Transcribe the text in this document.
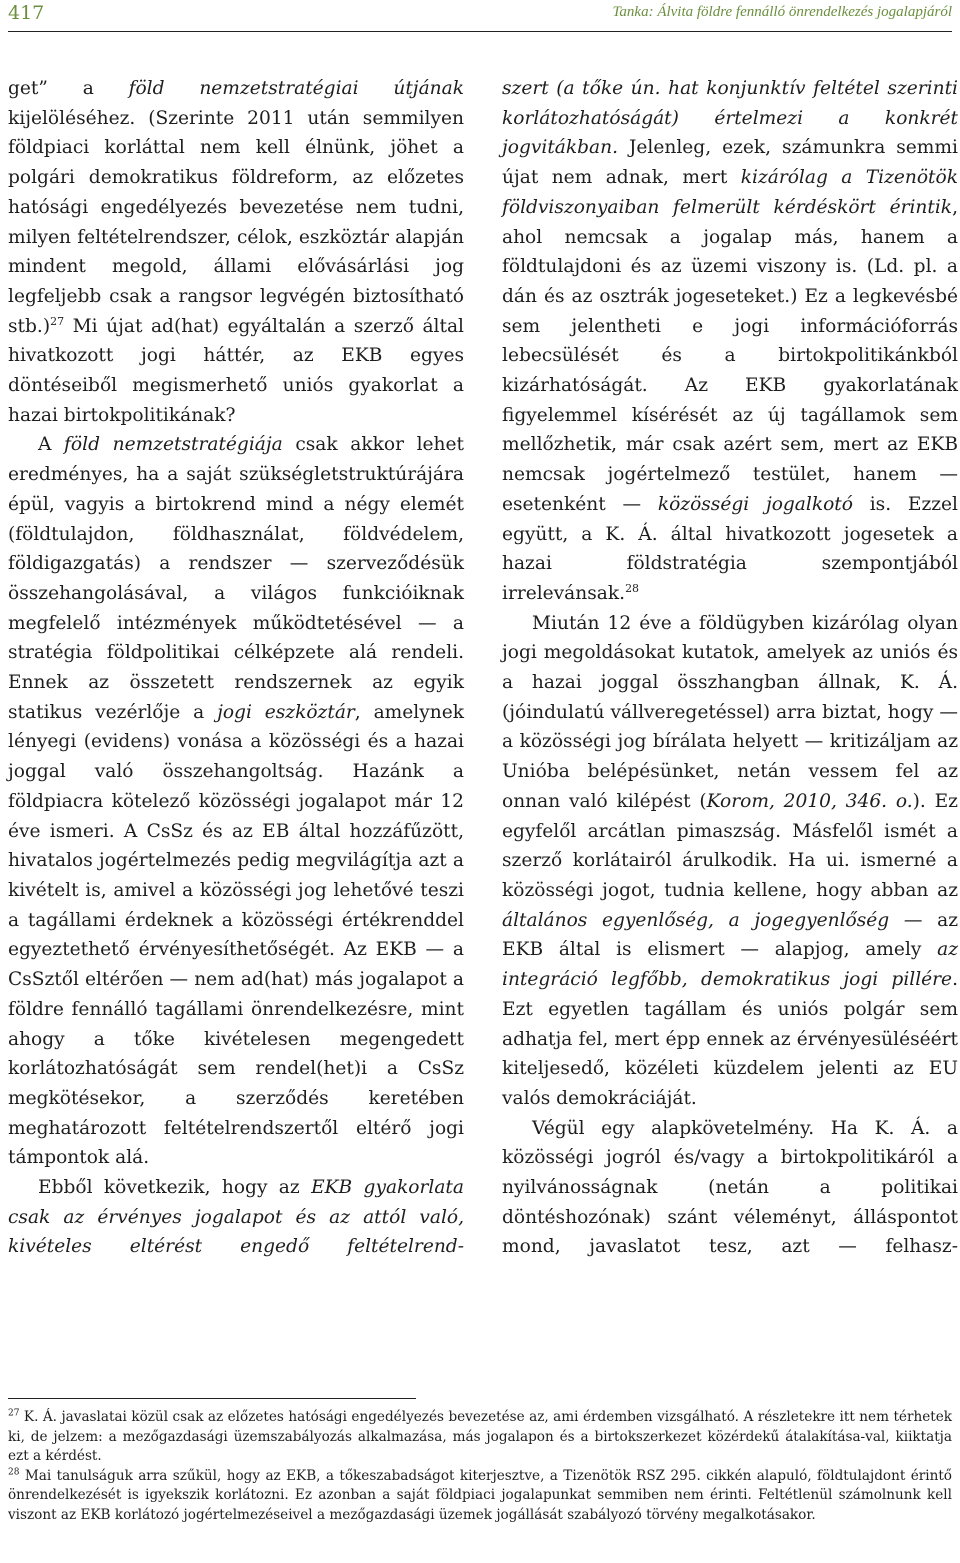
417	Tanka: Álvita földre fennálló önrendelkezés jogalapjáról

get” a föld nemzetstratégiai útjának kijelöléséhez. (Szerinte 2011 után semmilyen földpiaci korláttal nem kell élnünk, jöhet a polgári demokratikus földreform, az előzetes hatósági engedélyezés bevezetése nem tudni, milyen feltételrendszer, célok, eszköztár alapján mindent megold, állami elővásárlási jog legfeljebb csak a rangsor legvégén biztosítható stb.)$^{27}$ Mi újat ad(hat) egyáltalán a szerző által hivatkozott jogi háttér, az EKB egyes döntéseiből megismerhető uniós gyakorlat a hazai birtokpolitikának?

A föld nemzetstratégiája csak akkor lehet eredményes, ha a saját szükségletstruktúrájára épül, vagyis a birtokrend mind a négy elemét (földtulajdon, földhasználat, földvédelem, földigazgatás) a rendszer — szerveződésük összehangolásával, a világos funkcióiknak megfelelő intézmények működtetésével — a stratégia földpolitikai célképzete alá rendeli. Ennek az összetett rendszernek az egyik statikus vezérlője a jogi eszköztár, amelynek lényegi (evidens) vonása a közösségi és a hazai joggal való összehangoltság. Hazánk a földpiacra kötelező közösségi jogalapot már 12 éve ismeri. A CsSz és az EB által hozzáfűzött, hivatalos jogértelmezés pedig megvilágítja azt a kivételt is, amivel a közösségi jog lehetővé teszi a tagállami érdeknek a közösségi értékrenddel egyeztethető érvényesíthetőségét. Az EKB — a CsSztől eltérően — nem ad(hat) más jogalapot a földre fennálló tagállami önrendelkezésre, mint ahogy a tőke kivételesen megengedett korlátozhatóságát sem rendel(het)i a CsSz megkötésekor, a szerződés keretében meghatározott feltételrendszertől eltérő jogi támpontok alá.

Ebből következik, hogy az EKB gyakorlata csak az érvényes jogalapot és az attól való, kivételes eltérést engedő feltételrend-

szert (a tőke ún. hat konjunktív feltétel szerinti korlátozhatóságát) értelmezi a konkrét jogvitákban. Jelenleg, ezek, számunkra semmi újat nem adnak, mert kizárólag a Tizenötök földviszonyaiban felmerült kérdéskört érintik, ahol nemcsak a jogalap más, hanem a földtulajdoni és az üzemi viszony is. (Ld. pl. a dán és az osztrák jogeseteket.) Ez a legkevésbé sem jelentheti e jogi információforrás lebecsülését és a birtokpolitikánkból kizárhatóságát. Az EKB gyakorlatának figyelemmel kísérését az új tagállamok sem mellőzhetik, már csak azért sem, mert az EKB nemcsak jogértelmező testület, hanem — esetenként — közösségi jogalkotó is. Ezzel együtt, a K. Á. által hivatkozott jogesetek a hazai földstratégia szempontjából irrelevánsak.$^{28}$

Miután 12 éve a földügyben kizárólag olyan jogi megoldásokat kutatok, amelyek az uniós és a hazai joggal összhangban állnak, K. Á. (jóindulatú vállveregetéssel) arra biztat, hogy — a közösségi jog bírálata helyett — kritizáljam az Unióba belépésünket, netán vessem fel az onnan való kilépést (Korom, 2010, 346. o.). Ez egyfelől arcátlan pimaszság. Másfelől ismét a szerző korlátairól árulkodik. Ha ui. ismerné a közösségi jogot, tudnia kellene, hogy abban az általános egyenlőség, a jogegyenlőség — az EKB által is elismert — alapjog, amely az integráció legfőbb, demokratikus jogi pillére. Ezt egyetlen tagállam és uniós polgár sem adhatja fel, mert épp ennek az érvényesüléséért kiteljesedő, közéleti küzdelem jelenti az EU valós demokráciáját.

Végül egy alapkövetelmény. Ha K. Á. a közösségi jogról és/vagy a birtokpolitikáról a nyilvánosságnak (netán a politikai döntéshozónak) szánt véleményt, álláspontot mond, javaslatot tesz, azt — felhasz-

$^{27}$ K. Á. javaslatai közül csak az előzetes hatósági engedélyezés bevezetése az, ami érdemben vizsgálható. A részletekre itt nem térhetek ki, de jelzem: a mezőgazdasági üzemszabályozás alkalmazása, más jogalapon és a birtokszerkezet közérdekű átalakítása-val, kiiktatja ezt a kérdést.

$^{28}$ Mai tanulságuk arra szűkül, hogy az EKB, a tőkeszabadságot kiterjesztve, a Tizenötök RSZ 295. cikkén alapuló, földtulajdont érintő önrendelkezését is igyekszik korlátozni. Ez azonban a saját földpiaci jogalapunkat semmiben nem érinti. Feltétlenül számolnunk kell viszont az EKB korlátozó jogértelmezéseivel a mezőgazdasági üzemek jogállását szabályozó törvény megalkotásakor.
